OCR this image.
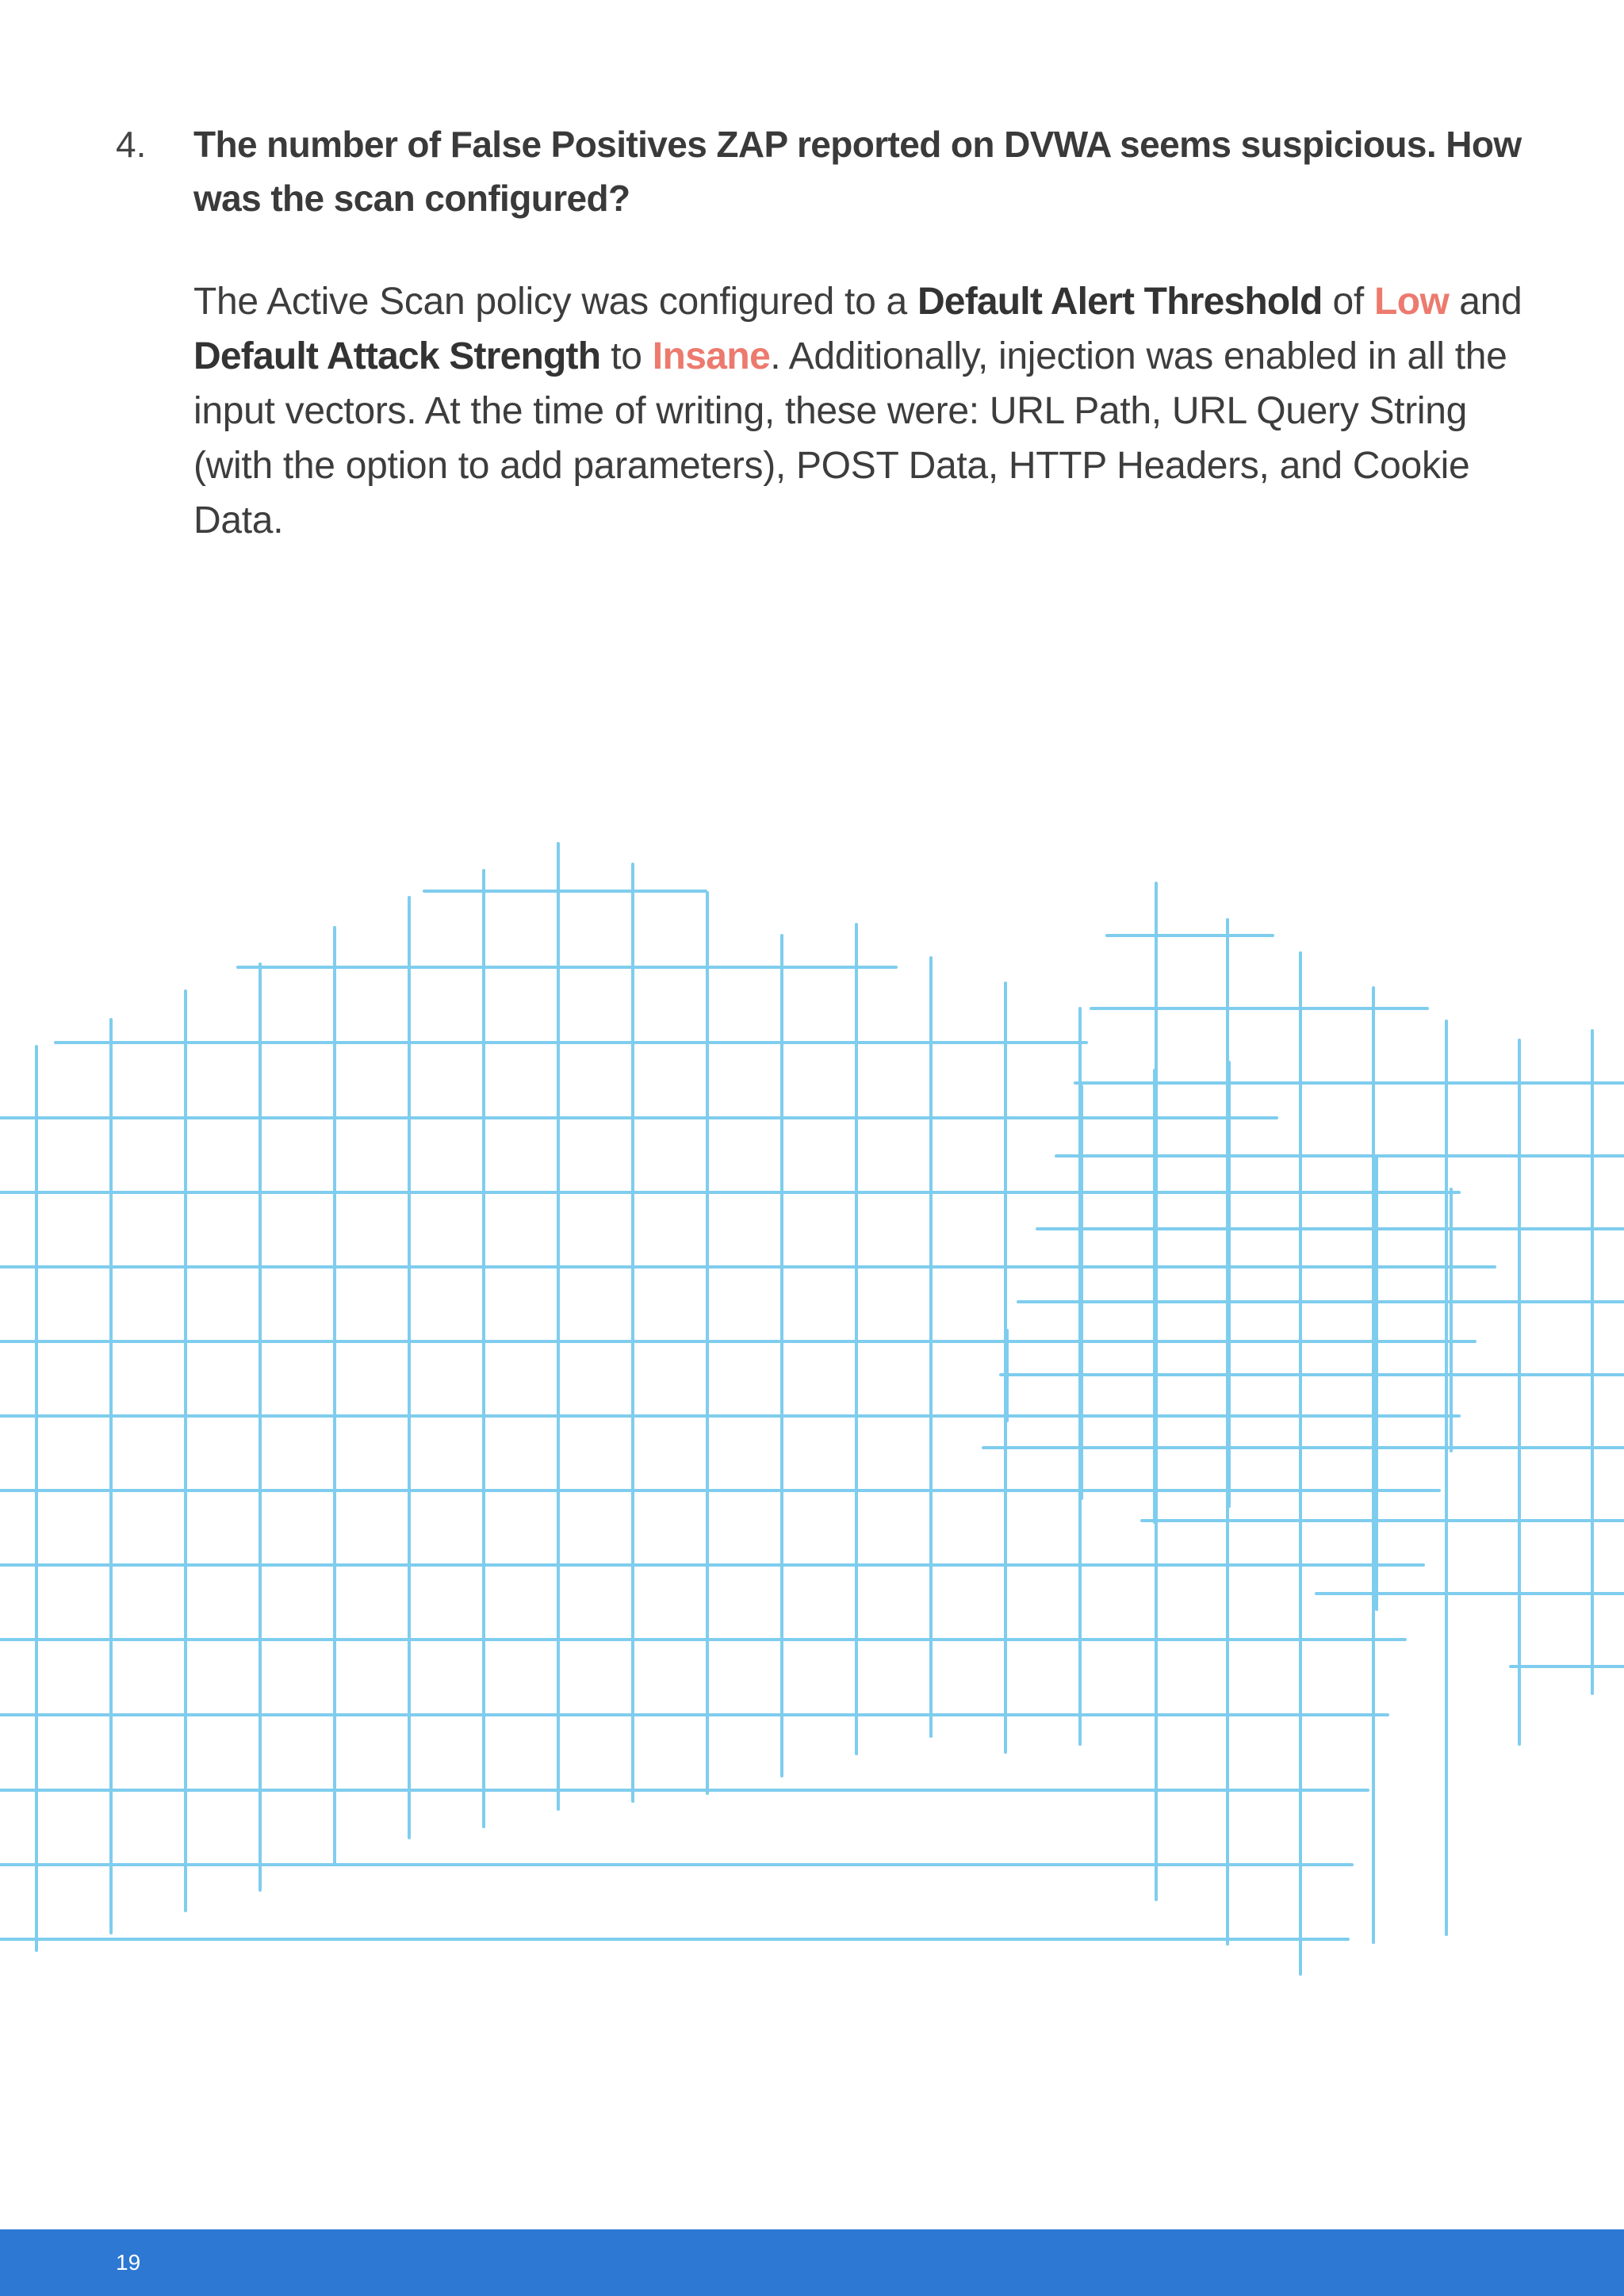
4. The number of False Positives ZAP reported on DVWA seems suspicious. How was the scan configured?
The Active Scan policy was configured to a Default Alert Threshold of Low and Default Attack Strength to Insane. Additionally, injection was enabled in all the input vectors. At the time of writing, these were: URL Path, URL Query String (with the option to add parameters), POST Data, HTTP Headers, and Cookie Data.
19
